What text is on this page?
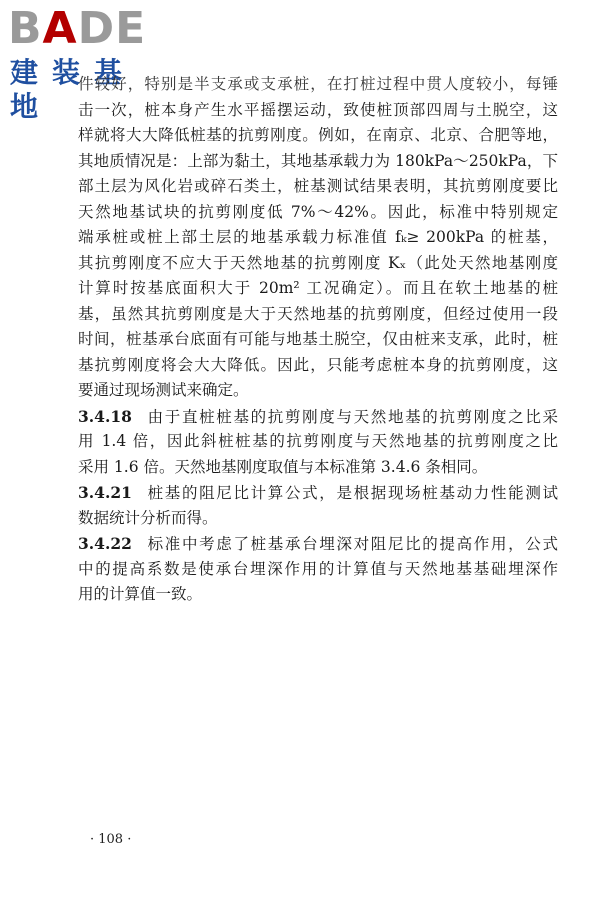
BADE
建装基地
件较好，特别是半支承或支承桩，在打桩过程中贯人度较小，每锤
击一次，桩本身产生水平摇摆运动，致使桩顶部四周与土脱空，这
样就将大大降低桩基的抗剪刚度。例如，在南京、北京、合肥等地，
其地质情况是：上部为黏土，其地基承载力为 180kPa～250kPa，下
部土层为风化岩或碎石类土，桩基测试结果表明，其抗剪刚度要比
天然地基试块的抗剪刚度低 7%～42%。因此，标准中特别规定
端承桩或桩上部土层的地基承载力标准值 fₖ≥ 200kPa 的桩基，
其抗剪刚度不应大于天然地基的抗剪刚度 Kₓ（此处天然地基刚度
计算时按基底面积大于 20m² 工况确定）。而且在软土地基的桩
基，虽然其抗剪刚度是大于天然地基的抗剪刚度，但经过使用一段
时间，桩基承台底面有可能与地基土脱空，仅由桩来支承，此时，桩
基抗剪刚度将会大大降低。因此，只能考虑桩本身的抗剪刚度，这
要通过现场测试来确定。
3.4.18 由于直桩桩基的抗剪刚度与天然地基的抗剪刚度之比采
用 1.4 倍，因此斜桩桩基的抗剪刚度与天然地基的抗剪刚度之比
采用 1.6 倍。天然地基刚度取值与本标准第 3.4.6 条相同。
3.4.21 桩基的阻尼比计算公式，是根据现场桩基动力性能测试
数据统计分析而得。
3.4.22 标准中考虑了桩基承台埋深对阻尼比的提高作用，公式
中的提高系数是使承台埋深作用的计算值与天然地基基础埋深作
用的计算值一致。
· 108 ·
